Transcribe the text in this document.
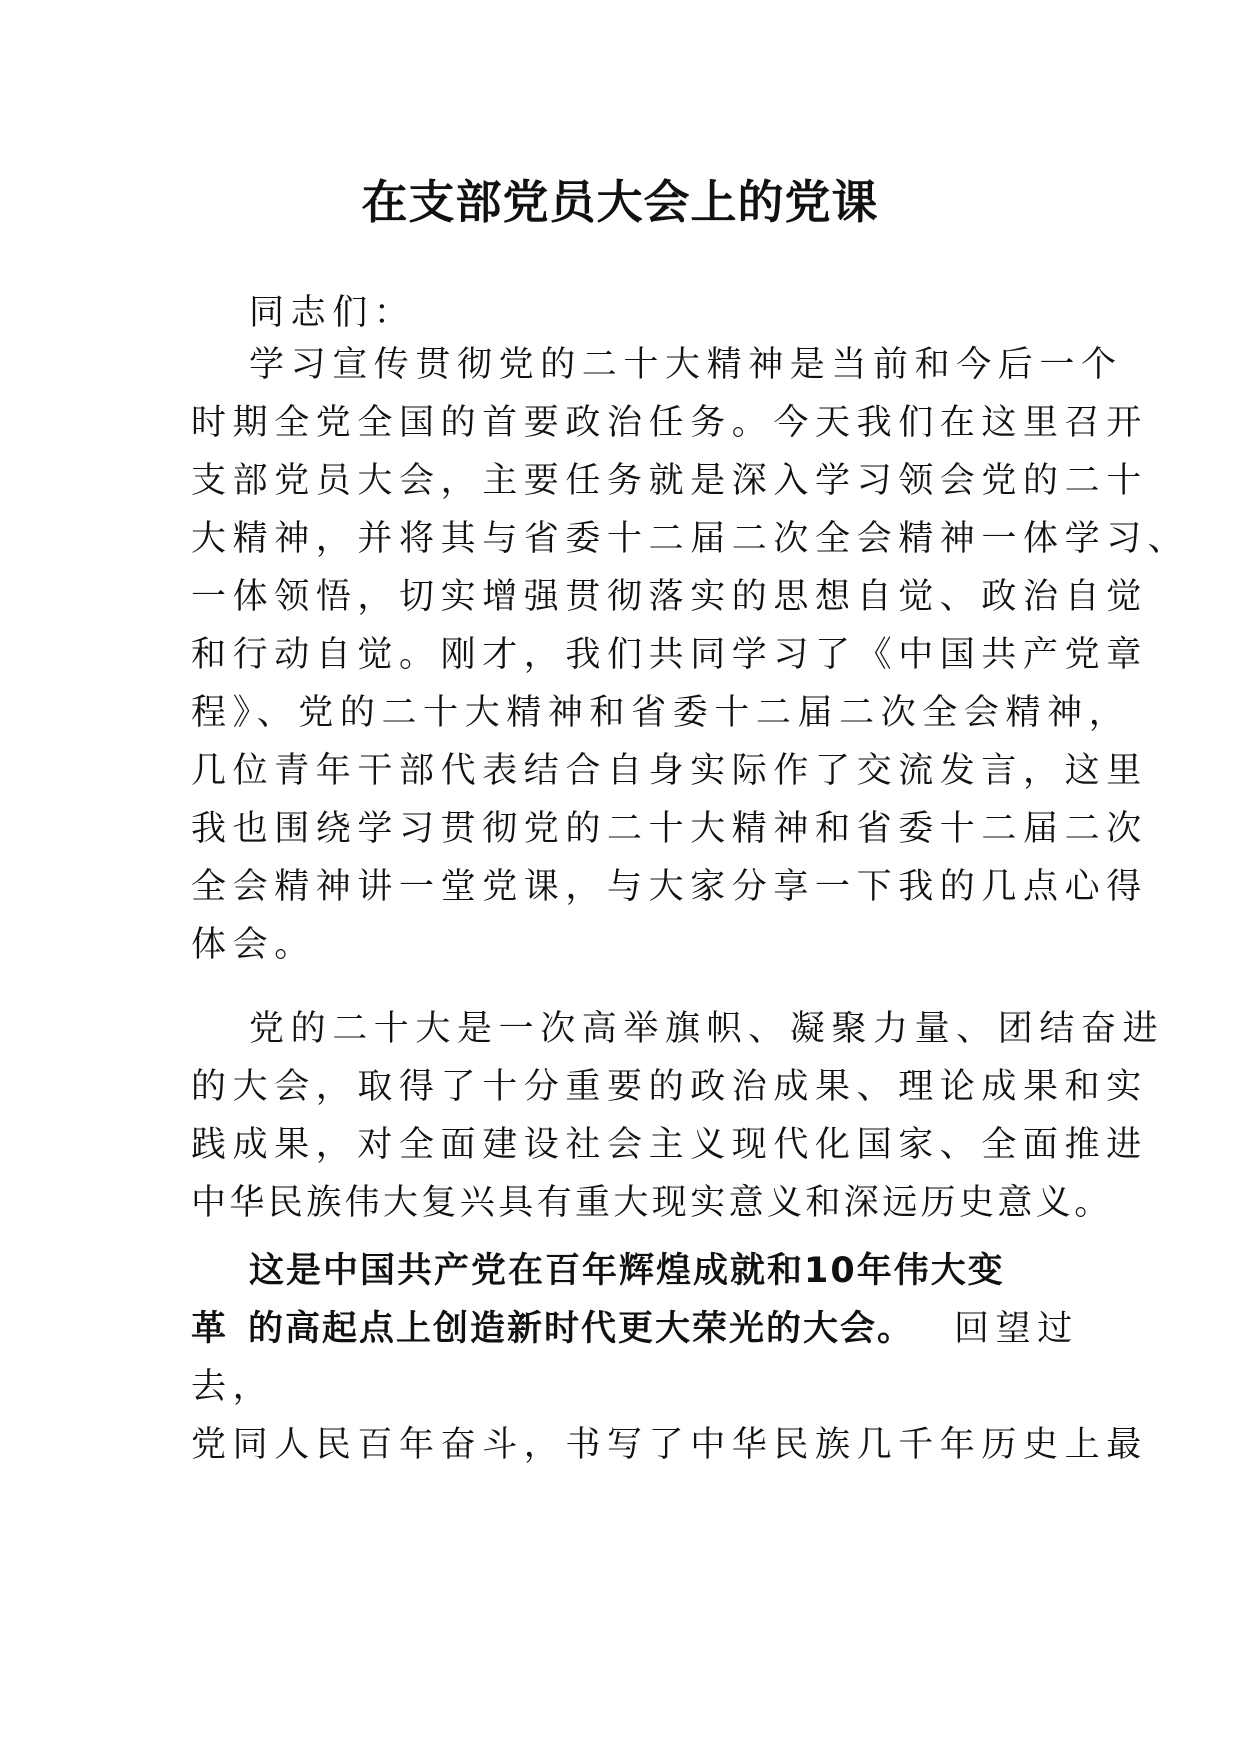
在支部党员大会上的党课
同志们：
学习宣传贯彻党的二十大精神是当前和今后一个
时期全党全国的首要政治任务。今天我们在这里召开
支部党员大会，主要任务就是深入学习领会党的二十
大精神，并将其与省委十二届二次全会精神一体学习、
一体领悟，切实增强贯彻落实的思想自觉、政治自觉
和行动自觉。刚才，我们共同学习了《中国共产党章
程》、党的二十大精神和省委十二届二次全会精神，
几位青年干部代表结合自身实际作了交流发言，这里
我也围绕学习贯彻党的二十大精神和省委十二届二次
全会精神讲一堂党课，与大家分享一下我的几点心得
体会。
党的二十大是一次高举旗帜、凝聚力量、团结奋进
的大会，取得了十分重要的政治成果、理论成果和实
践成果，对全面建设社会主义现代化国家、全面推进
中华民族伟大复兴具有重大现实意义和深远历史意义。
这是中国共产党在百年辉煌成就和10年伟大变
革 的高起点上创造新时代更大荣光的大会。 回望过
去，
党同人民百年奋斗，书写了中华民族几千年历史上最
